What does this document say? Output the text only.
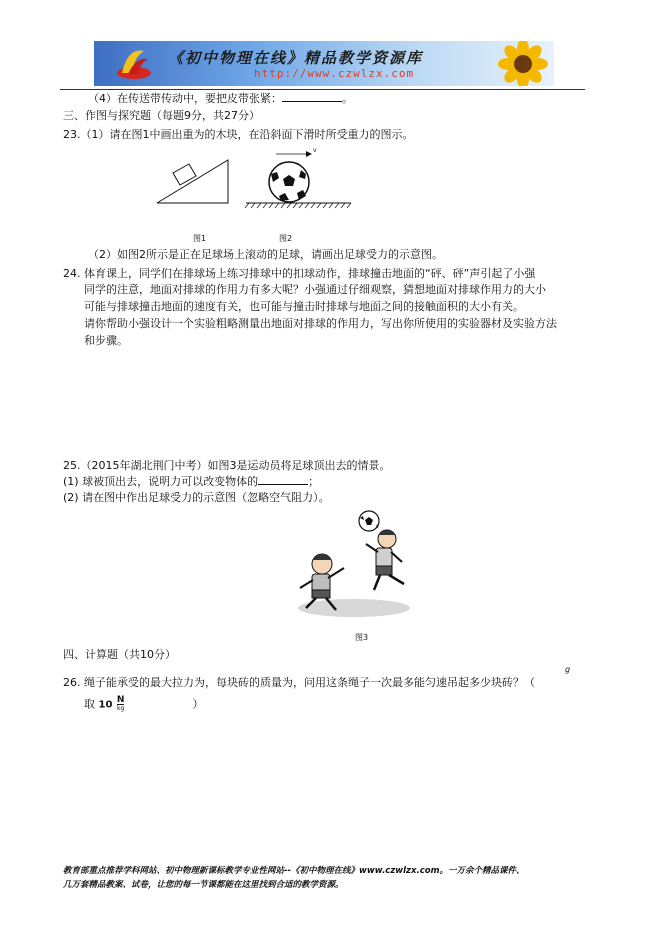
《初中物理在线》精品教学资源库
http://www.czwlzx.com
（4）在传送带传动中，要把皮带张紧：	。
三、作图与探究题（每题9分，共27分）
23.（1）请在图1中画出重为的木块，在沿斜面下滑时所受重力的图示。
v
图1	图2
（2）如图2所示是正在足球场上滚动的足球，请画出足球受力的示意图。
24. 体育课上，同学们在排球场上练习排球中的扣球动作，排球撞击地面的“砰、砰”声引起了小强
同学的注意，地面对排球的作用力有多大呢？小强通过仔细观察，猜想地面对排球作用力的大小
可能与排球撞击地面的速度有关，也可能与撞击时排球与地面之间的接触面积的大小有关。
请你帮助小强设计一个实验粗略测量出地面对排球的作用力，写出你所使用的实验器材及实验方法
和步骤。
25.（2015年湖北荆门中考）如图3是运动员将足球顶出去的情景。
(1) 球被顶出去，说明力可以改变物体的	；
(2) 请在图中作出足球受力的示意图（忽略空气阻力）。
图3
四、计算题（共10分）
26. 绳子能承受的最大拉力为，每块砖的质量为，问用这条绳子一次最多能匀速吊起多少块砖？（
g
取 $10 \frac{N}{kg}$	）
教育部重点推荐学科网站、初中物理新课标教学专业性网站--《初中物理在线》www.czwlzx.com。一万余个精品课件、
几万套精品教案、试卷，让您的每一节课都能在这里找到合适的教学资源。
